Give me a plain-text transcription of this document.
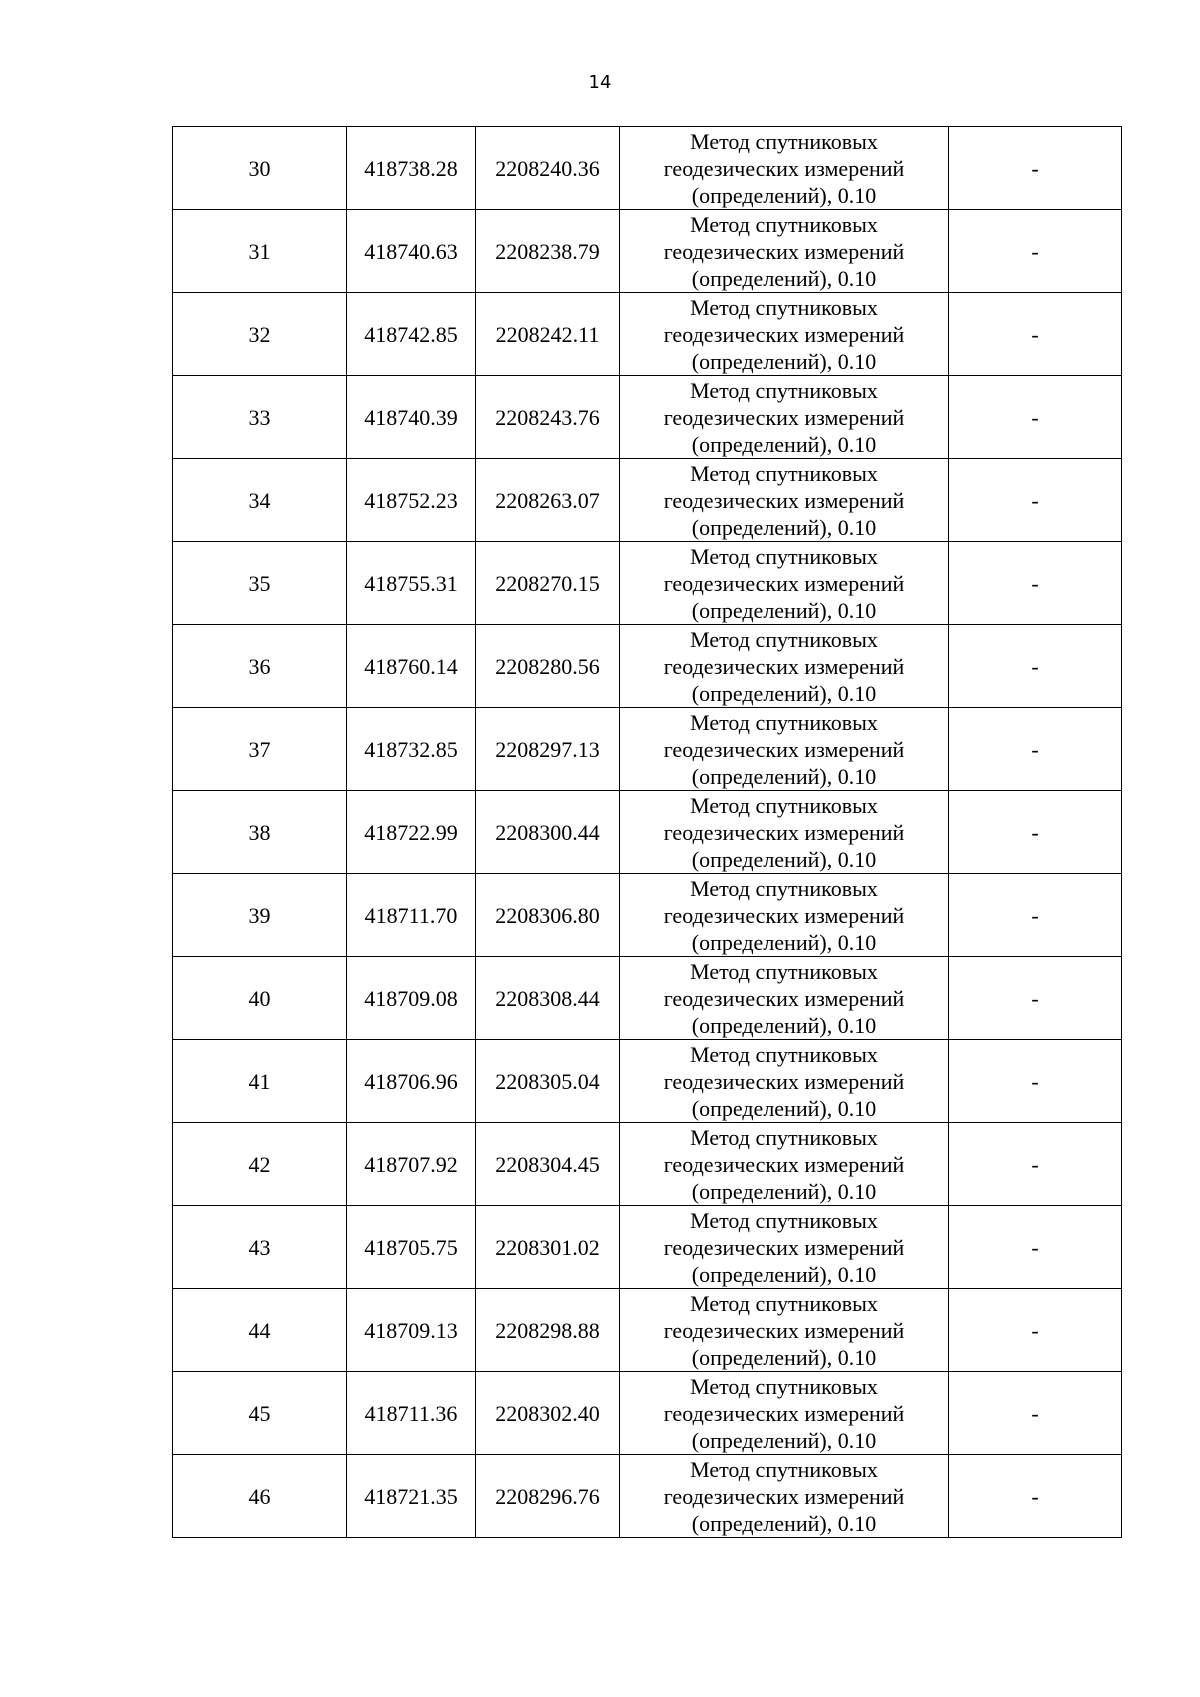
14
30	418738.28	2208240.36	Метод спутниковых
геодезических измерений
(определений), 0.10	-
31	418740.63	2208238.79	Метод спутниковых
геодезических измерений
(определений), 0.10	-
32	418742.85	2208242.11	Метод спутниковых
геодезических измерений
(определений), 0.10	-
33	418740.39	2208243.76	Метод спутниковых
геодезических измерений
(определений), 0.10	-
34	418752.23	2208263.07	Метод спутниковых
геодезических измерений
(определений), 0.10	-
35	418755.31	2208270.15	Метод спутниковых
геодезических измерений
(определений), 0.10	-
36	418760.14	2208280.56	Метод спутниковых
геодезических измерений
(определений), 0.10	-
37	418732.85	2208297.13	Метод спутниковых
геодезических измерений
(определений), 0.10	-
38	418722.99	2208300.44	Метод спутниковых
геодезических измерений
(определений), 0.10	-
39	418711.70	2208306.80	Метод спутниковых
геодезических измерений
(определений), 0.10	-
40	418709.08	2208308.44	Метод спутниковых
геодезических измерений
(определений), 0.10	-
41	418706.96	2208305.04	Метод спутниковых
геодезических измерений
(определений), 0.10	-
42	418707.92	2208304.45	Метод спутниковых
геодезических измерений
(определений), 0.10	-
43	418705.75	2208301.02	Метод спутниковых
геодезических измерений
(определений), 0.10	-
44	418709.13	2208298.88	Метод спутниковых
геодезических измерений
(определений), 0.10	-
45	418711.36	2208302.40	Метод спутниковых
геодезических измерений
(определений), 0.10	-
46	418721.35	2208296.76	Метод спутниковых
геодезических измерений
(определений), 0.10	-
